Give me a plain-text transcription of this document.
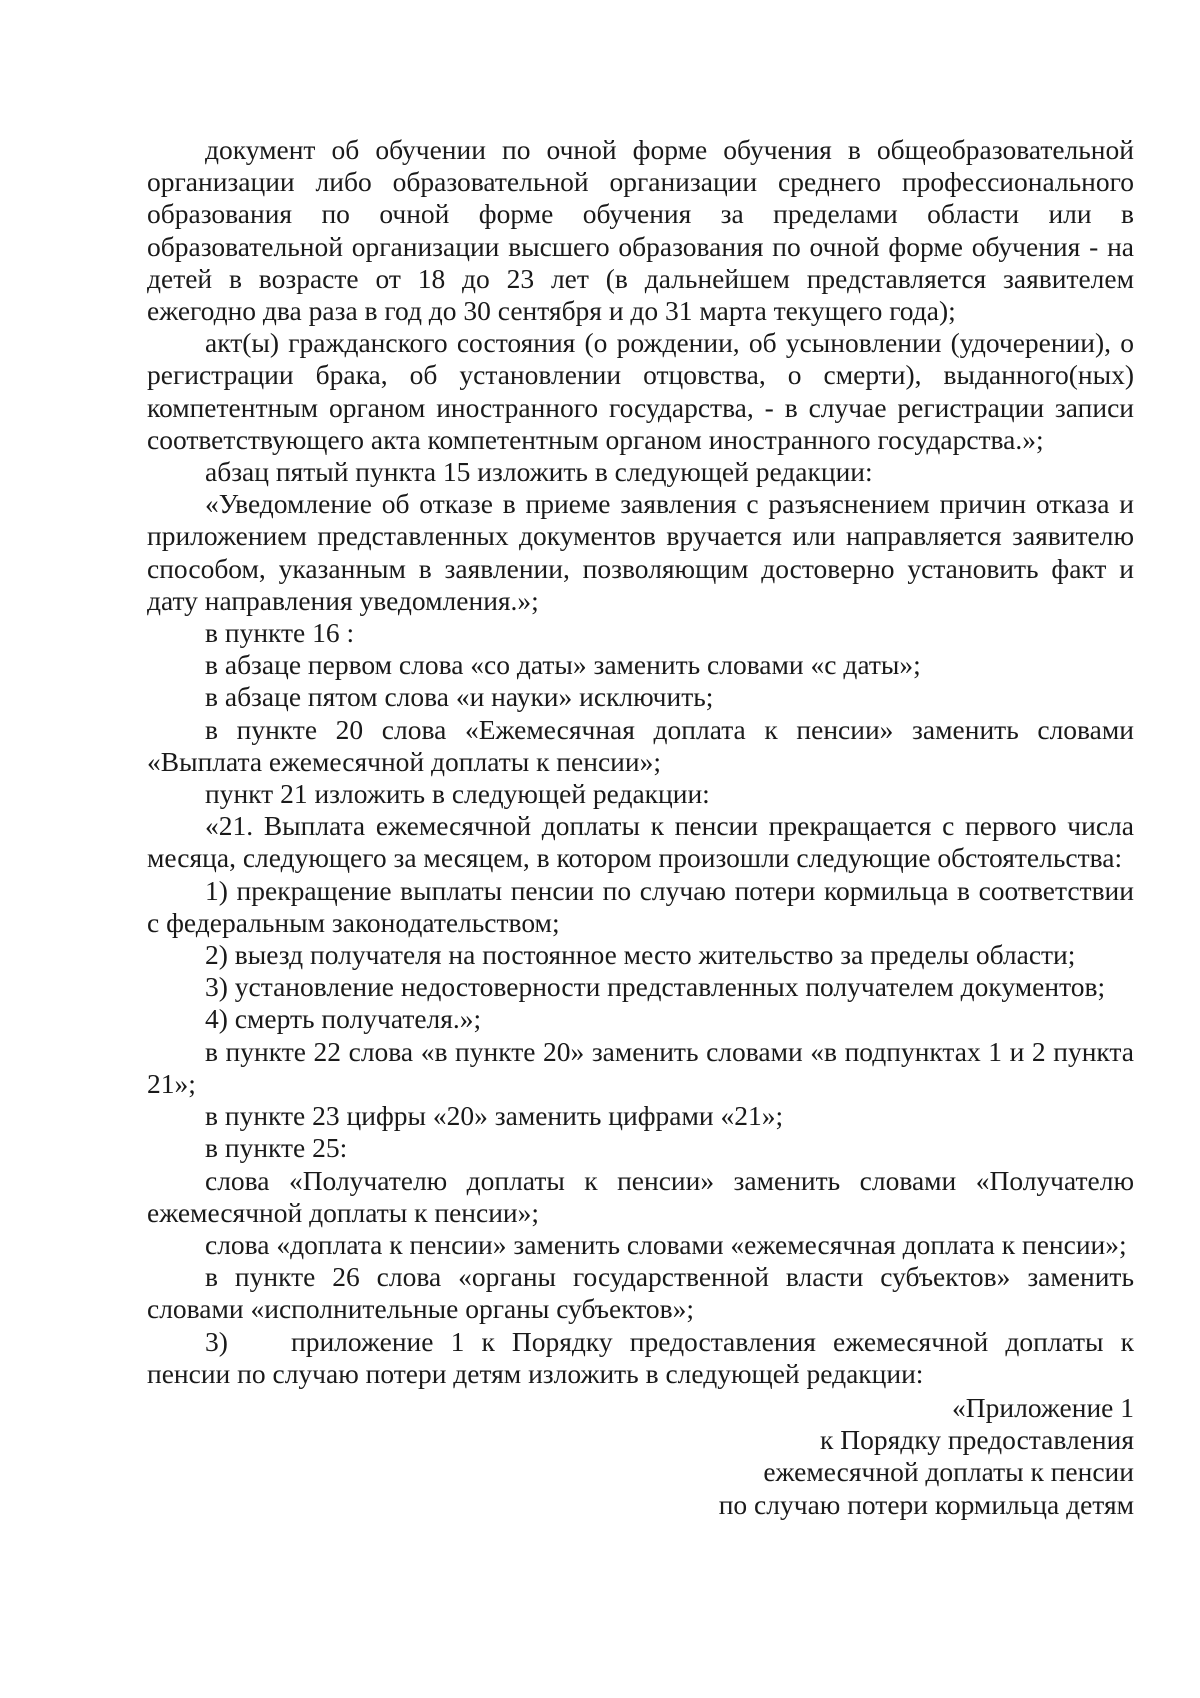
документ об обучении по очной форме обучения в общеобразовательной организации либо образовательной организации среднего профессионального образования по очной форме обучения за пределами области или в образовательной организации высшего образования по очной форме обучения - на детей в возрасте от 18 до 23 лет (в дальнейшем представляется заявителем ежегодно два раза в год до 30 сентября и до 31 марта текущего года);

акт(ы) гражданского состояния (о рождении, об усыновлении (удочерении), о регистрации брака, об установлении отцовства, о смерти), выданного(ных) компетентным органом иностранного государства, - в случае регистрации записи соответствующего акта компетентным органом иностранного государства.»;

абзац пятый пункта 15 изложить в следующей редакции:

«Уведомление об отказе в приеме заявления с разъяснением причин отказа и приложением представленных документов вручается или направляется заявителю способом, указанным в заявлении, позволяющим достоверно установить факт и дату направления уведомления.»;

в пункте 16 :

в абзаце первом слова «со даты» заменить словами «с даты»;

в абзаце пятом слова «и науки» исключить;

в пункте 20 слова «Ежемесячная доплата к пенсии» заменить словами «Выплата ежемесячной доплаты к пенсии»;

пункт 21 изложить в следующей редакции:

«21. Выплата ежемесячной доплаты к пенсии прекращается с первого числа месяца, следующего за месяцем, в котором произошли следующие обстоятельства:

1) прекращение выплаты пенсии по случаю потери кормильца в соответствии с федеральным законодательством;

2) выезд получателя на постоянное место жительство за пределы области;

3) установление недостоверности представленных получателем документов;

4) смерть получателя.»;

в пункте 22 слова «в пункте 20» заменить словами «в подпунктах 1 и 2 пункта 21»;

в пункте 23 цифры «20» заменить цифрами «21»;

в пункте 25:

слова «Получателю доплаты к пенсии» заменить словами «Получателю ежемесячной доплаты к пенсии»;

слова «доплата к пенсии» заменить словами «ежемесячная доплата к пенсии»;

в пункте 26 слова «органы государственной власти субъектов» заменить словами «исполнительные органы субъектов»;

3) приложение 1 к Порядку предоставления ежемесячной доплаты к пенсии по случаю потери детям изложить в следующей редакции:

«Приложение 1
к Порядку предоставления
ежемесячной доплаты к пенсии
по случаю потери кормильца детям
